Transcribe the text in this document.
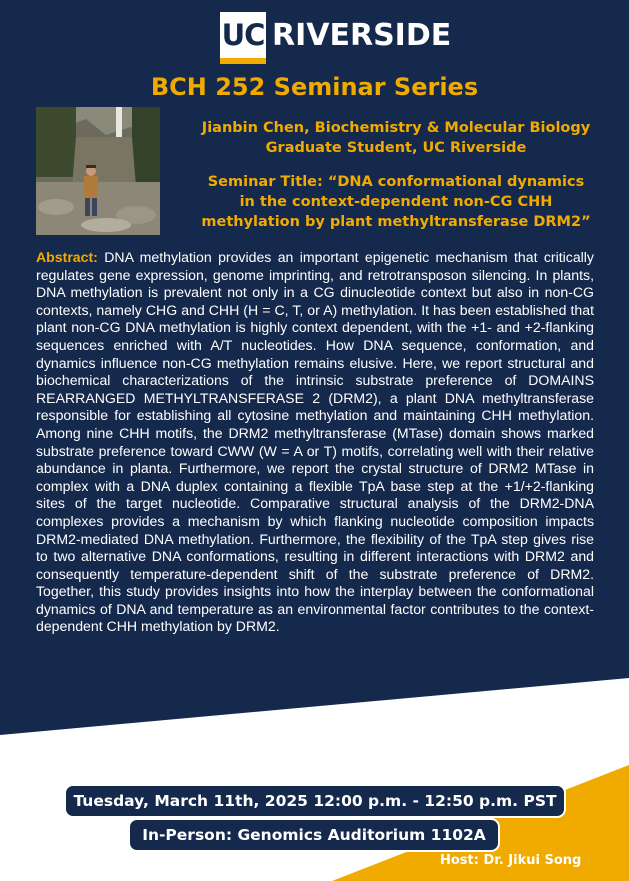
UC RIVERSIDE
BCH 252 Seminar Series
Jianbin Chen, Biochemistry & Molecular Biology
Graduate Student, UC Riverside
Seminar Title: “DNA conformational dynamics
in the context-dependent non-CG CHH
methylation by plant methyltransferase DRM2”
Abstract: DNA methylation provides an important epigenetic mechanism that critically regulates gene expression, genome imprinting, and retrotransposon silencing. In plants, DNA methylation is prevalent not only in a CG dinucleotide context but also in non-CG contexts, namely CHG and CHH (H = C, T, or A) methylation. It has been established that plant non-CG DNA methylation is highly context dependent, with the +1- and +2-flanking sequences enriched with A/T nucleotides. How DNA sequence, conformation, and dynamics influence non-CG methylation remains elusive. Here, we report structural and biochemical characterizations of the intrinsic substrate preference of DOMAINS REARRANGED METHYLTRANSFERASE 2 (DRM2), a plant DNA methyltransferase responsible for establishing all cytosine methylation and maintaining CHH methylation. Among nine CHH motifs, the DRM2 methyltransferase (MTase) domain shows marked substrate preference toward CWW (W = A or T) motifs, correlating well with their relative abundance in planta. Furthermore, we report the crystal structure of DRM2 MTase in complex with a DNA duplex containing a flexible TpA base step at the +1/+2-flanking sites of the target nucleotide. Comparative structural analysis of the DRM2-DNA complexes provides a mechanism by which flanking nucleotide composition impacts DRM2-mediated DNA methylation. Furthermore, the flexibility of the TpA step gives rise to two alternative DNA conformations, resulting in different interactions with DRM2 and consequently temperature-dependent shift of the substrate preference of DRM2. Together, this study provides insights into how the interplay between the conformational dynamics of DNA and temperature as an environmental factor contributes to the context-dependent CHH methylation by DRM2.
Tuesday, March 11th, 2025 12:00 p.m. - 12:50 p.m. PST
In-Person: Genomics Auditorium 1102A
Host: Dr. Jikui Song
